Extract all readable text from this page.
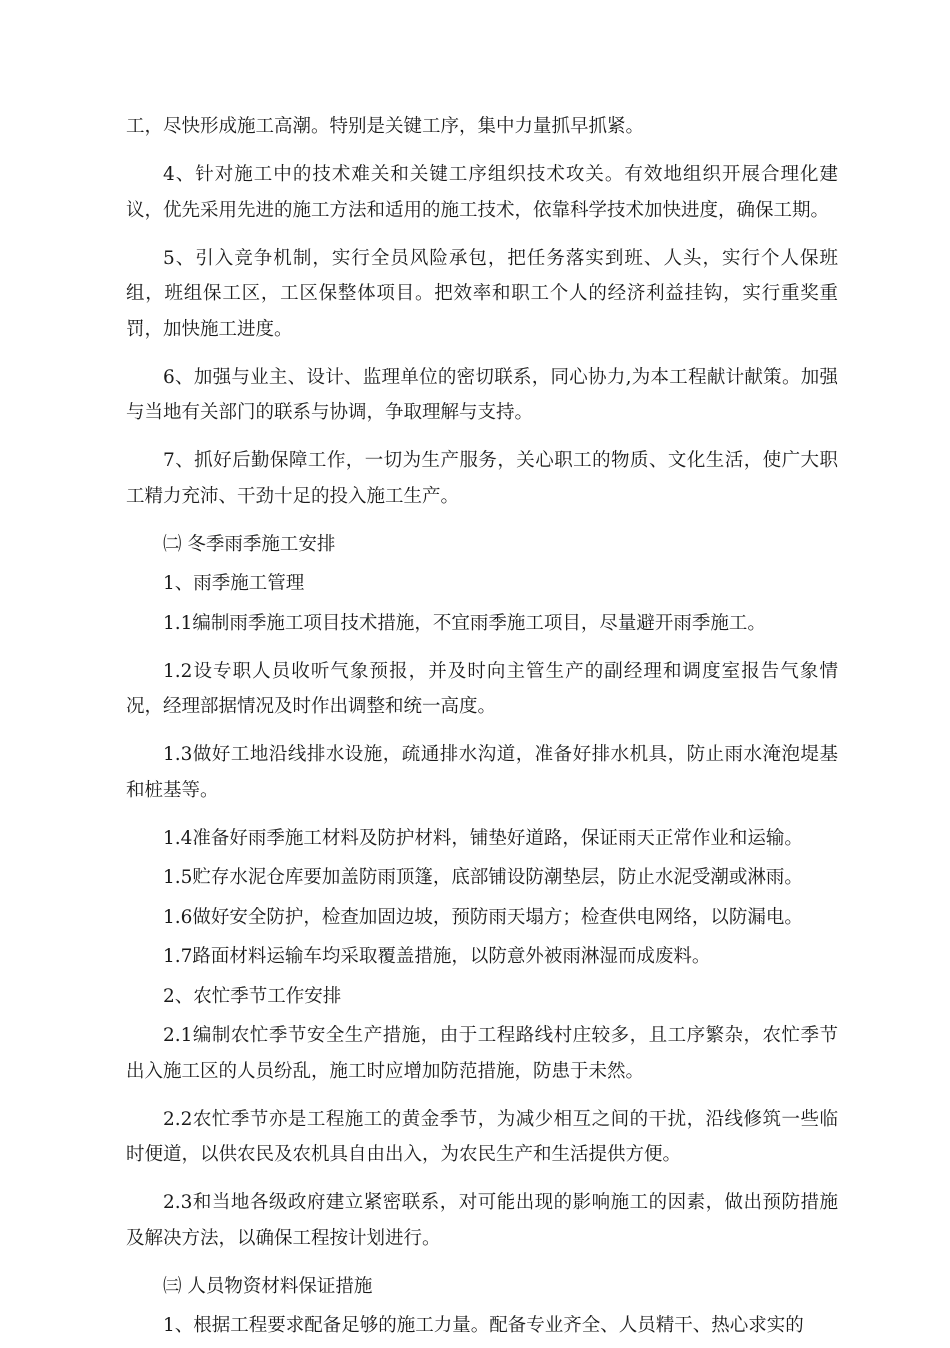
工，尽快形成施工高潮。特别是关键工序，集中力量抓早抓紧。

4、针对施工中的技术难关和关键工序组织技术攻关。有效地组织开展合理化建议，优先采用先进的施工方法和适用的施工技术，依靠科学技术加快进度，确保工期。

5、引入竞争机制，实行全员风险承包，把任务落实到班、人头，实行个人保班组，班组保工区，工区保整体项目。把效率和职工个人的经济利益挂钩，实行重奖重罚，加快施工进度。

6、加强与业主、设计、监理单位的密切联系，同心协力,为本工程献计献策。加强与当地有关部门的联系与协调，争取理解与支持。

7、抓好后勤保障工作，一切为生产服务，关心职工的物质、文化生活，使广大职工精力充沛、干劲十足的投入施工生产。

㈡ 冬季雨季施工安排

1、雨季施工管理

1.1编制雨季施工项目技术措施，不宜雨季施工项目，尽量避开雨季施工。

1.2设专职人员收听气象预报，并及时向主管生产的副经理和调度室报告气象情况，经理部据情况及时作出调整和统一高度。

1.3做好工地沿线排水设施，疏通排水沟道，准备好排水机具，防止雨水淹泡堤基和桩基等。

1.4准备好雨季施工材料及防护材料，铺垫好道路，保证雨天正常作业和运输。

1.5贮存水泥仓库要加盖防雨顶篷，底部铺设防潮垫层，防止水泥受潮或淋雨。

1.6做好安全防护，检查加固边坡，预防雨天塌方；检查供电网络，以防漏电。

1.7路面材料运输车均采取覆盖措施，以防意外被雨淋湿而成废料。

2、农忙季节工作安排

2.1编制农忙季节安全生产措施，由于工程路线村庄较多，且工序繁杂，农忙季节出入施工区的人员纷乱，施工时应增加防范措施，防患于未然。

2.2农忙季节亦是工程施工的黄金季节，为减少相互之间的干扰，沿线修筑一些临时便道，以供农民及农机具自由出入，为农民生产和生活提供方便。

2.3和当地各级政府建立紧密联系，对可能出现的影响施工的因素，做出预防措施及解决方法，以确保工程按计划进行。

㈢ 人员物资材料保证措施

1、根据工程要求配备足够的施工力量。配备专业齐全、人员精干、热心求实的
